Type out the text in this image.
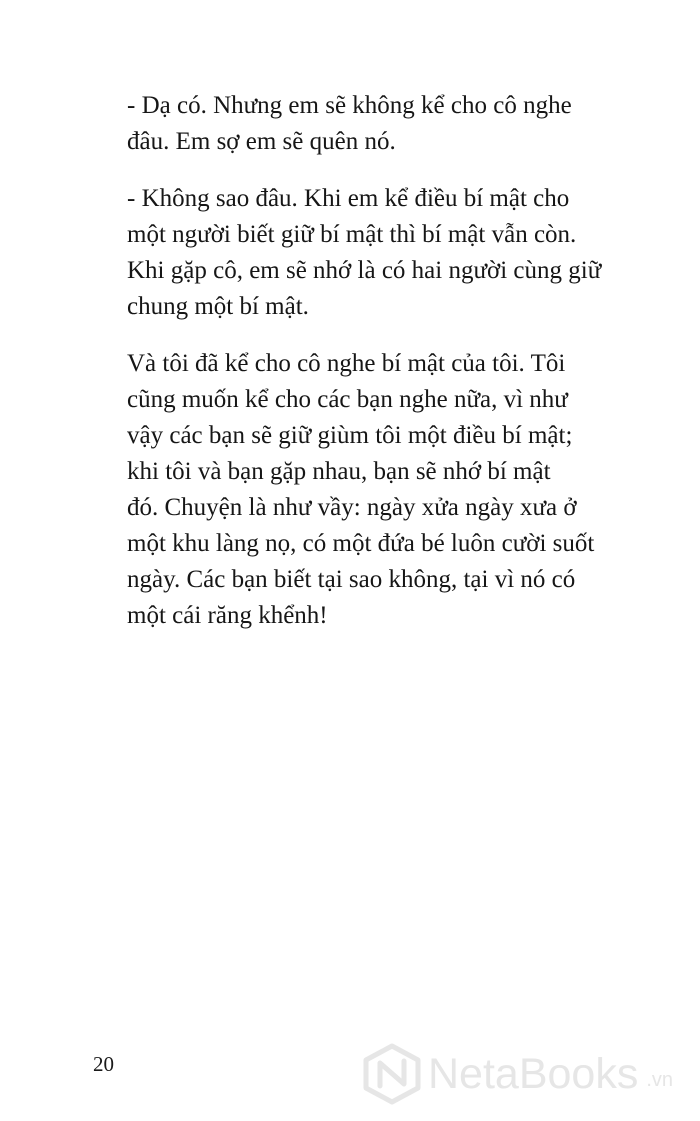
- Dạ có. Nhưng em sẽ không kể cho cô nghe
đâu. Em sợ em sẽ quên nó.

- Không sao đâu. Khi em kể điều bí mật cho
một người biết giữ bí mật thì bí mật vẫn còn.
Khi gặp cô, em sẽ nhớ là có hai người cùng giữ
chung một bí mật.

Và tôi đã kể cho cô nghe bí mật của tôi. Tôi
cũng muốn kể cho các bạn nghe nữa, vì như
vậy các bạn sẽ giữ giùm tôi một điều bí mật;
khi tôi và bạn gặp nhau, bạn sẽ nhớ bí mật
đó. Chuyện là như vầy: ngày xửa ngày xưa ở
một khu làng nọ, có một đứa bé luôn cười suốt
ngày. Các bạn biết tại sao không, tại vì nó có
một cái răng khểnh!

20	NetaBooks .vn
